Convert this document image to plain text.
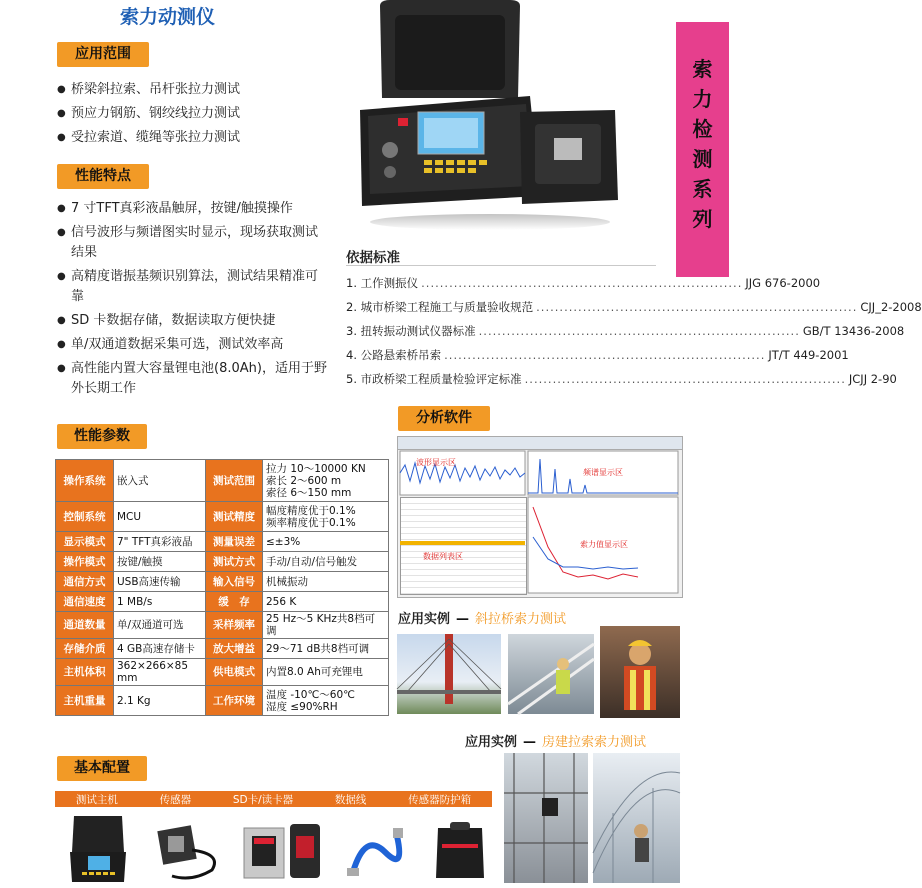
索力动测仪
索
力
检
测
系
列
应用范围
● 桥梁斜拉索、吊杆张拉力测试
● 预应力钢筋、钢绞线拉力测试
● 受拉索道、缆绳等张拉力测试
性能特点
● 7 寸TFT真彩液晶触屏，按键/触摸操作
● 信号波形与频谱图实时显示，现场获取测试结果
● 高精度谐振基频识别算法，测试结果精准可靠
● SD 卡数据存储，数据读取方便快捷
● 单/双通道数据采集可选，测试效率高
● 高性能内置大容量锂电池(8.0Ah)，适用于野外长期工作
依据标准
1. 工作测振仪 ..................................................................... JJG 676-2000
2. 城市桥梁工程施工与质量验收规范 ..................................................................... CJJ_2-2008
3. 扭转振动测试仪器标准 ..................................................................... GB/T 13436-2008
4. 公路悬索桥吊索 ..................................................................... JT/T 449-2001
5. 市政桥梁工程质量检验评定标准 ..................................................................... JCJJ 2-90
分析软件
波形显示区
频谱显示区
数据列表区
索力值显示区
应用实例 — 斜拉桥索力测试
应用实例 — 房建拉索索力测试
性能参数
操作系统	嵌入式	测试范围	拉力 10～10000 KN
索长 2～600 m
索径 6～150 mm
控制系统	MCU	测试精度	幅度精度优于0.1%
频率精度优于0.1%
显示模式	7" TFT真彩液晶	测量误差	≤±3%
操作模式	按键/触摸	测试方式	手动/自动/信号触发
通信方式	USB高速传输	输入信号	机械振动
通信速度	1 MB/s	缓　存	256 K
通道数量	单/双通道可选	采样频率	25 Hz～5 KHz共8档可调
存储介质	4 GB高速存储卡	放大增益	29～71 dB共8档可调
主机体积	362×266×85 mm	供电模式	内置8.0 Ah可充锂电
主机重量	2.1 Kg	工作环境	温度 -10℃～60℃
湿度 ≤90%RH
基本配置
测试主机	传感器	SD卡/读卡器	数据线	传感器防护箱
